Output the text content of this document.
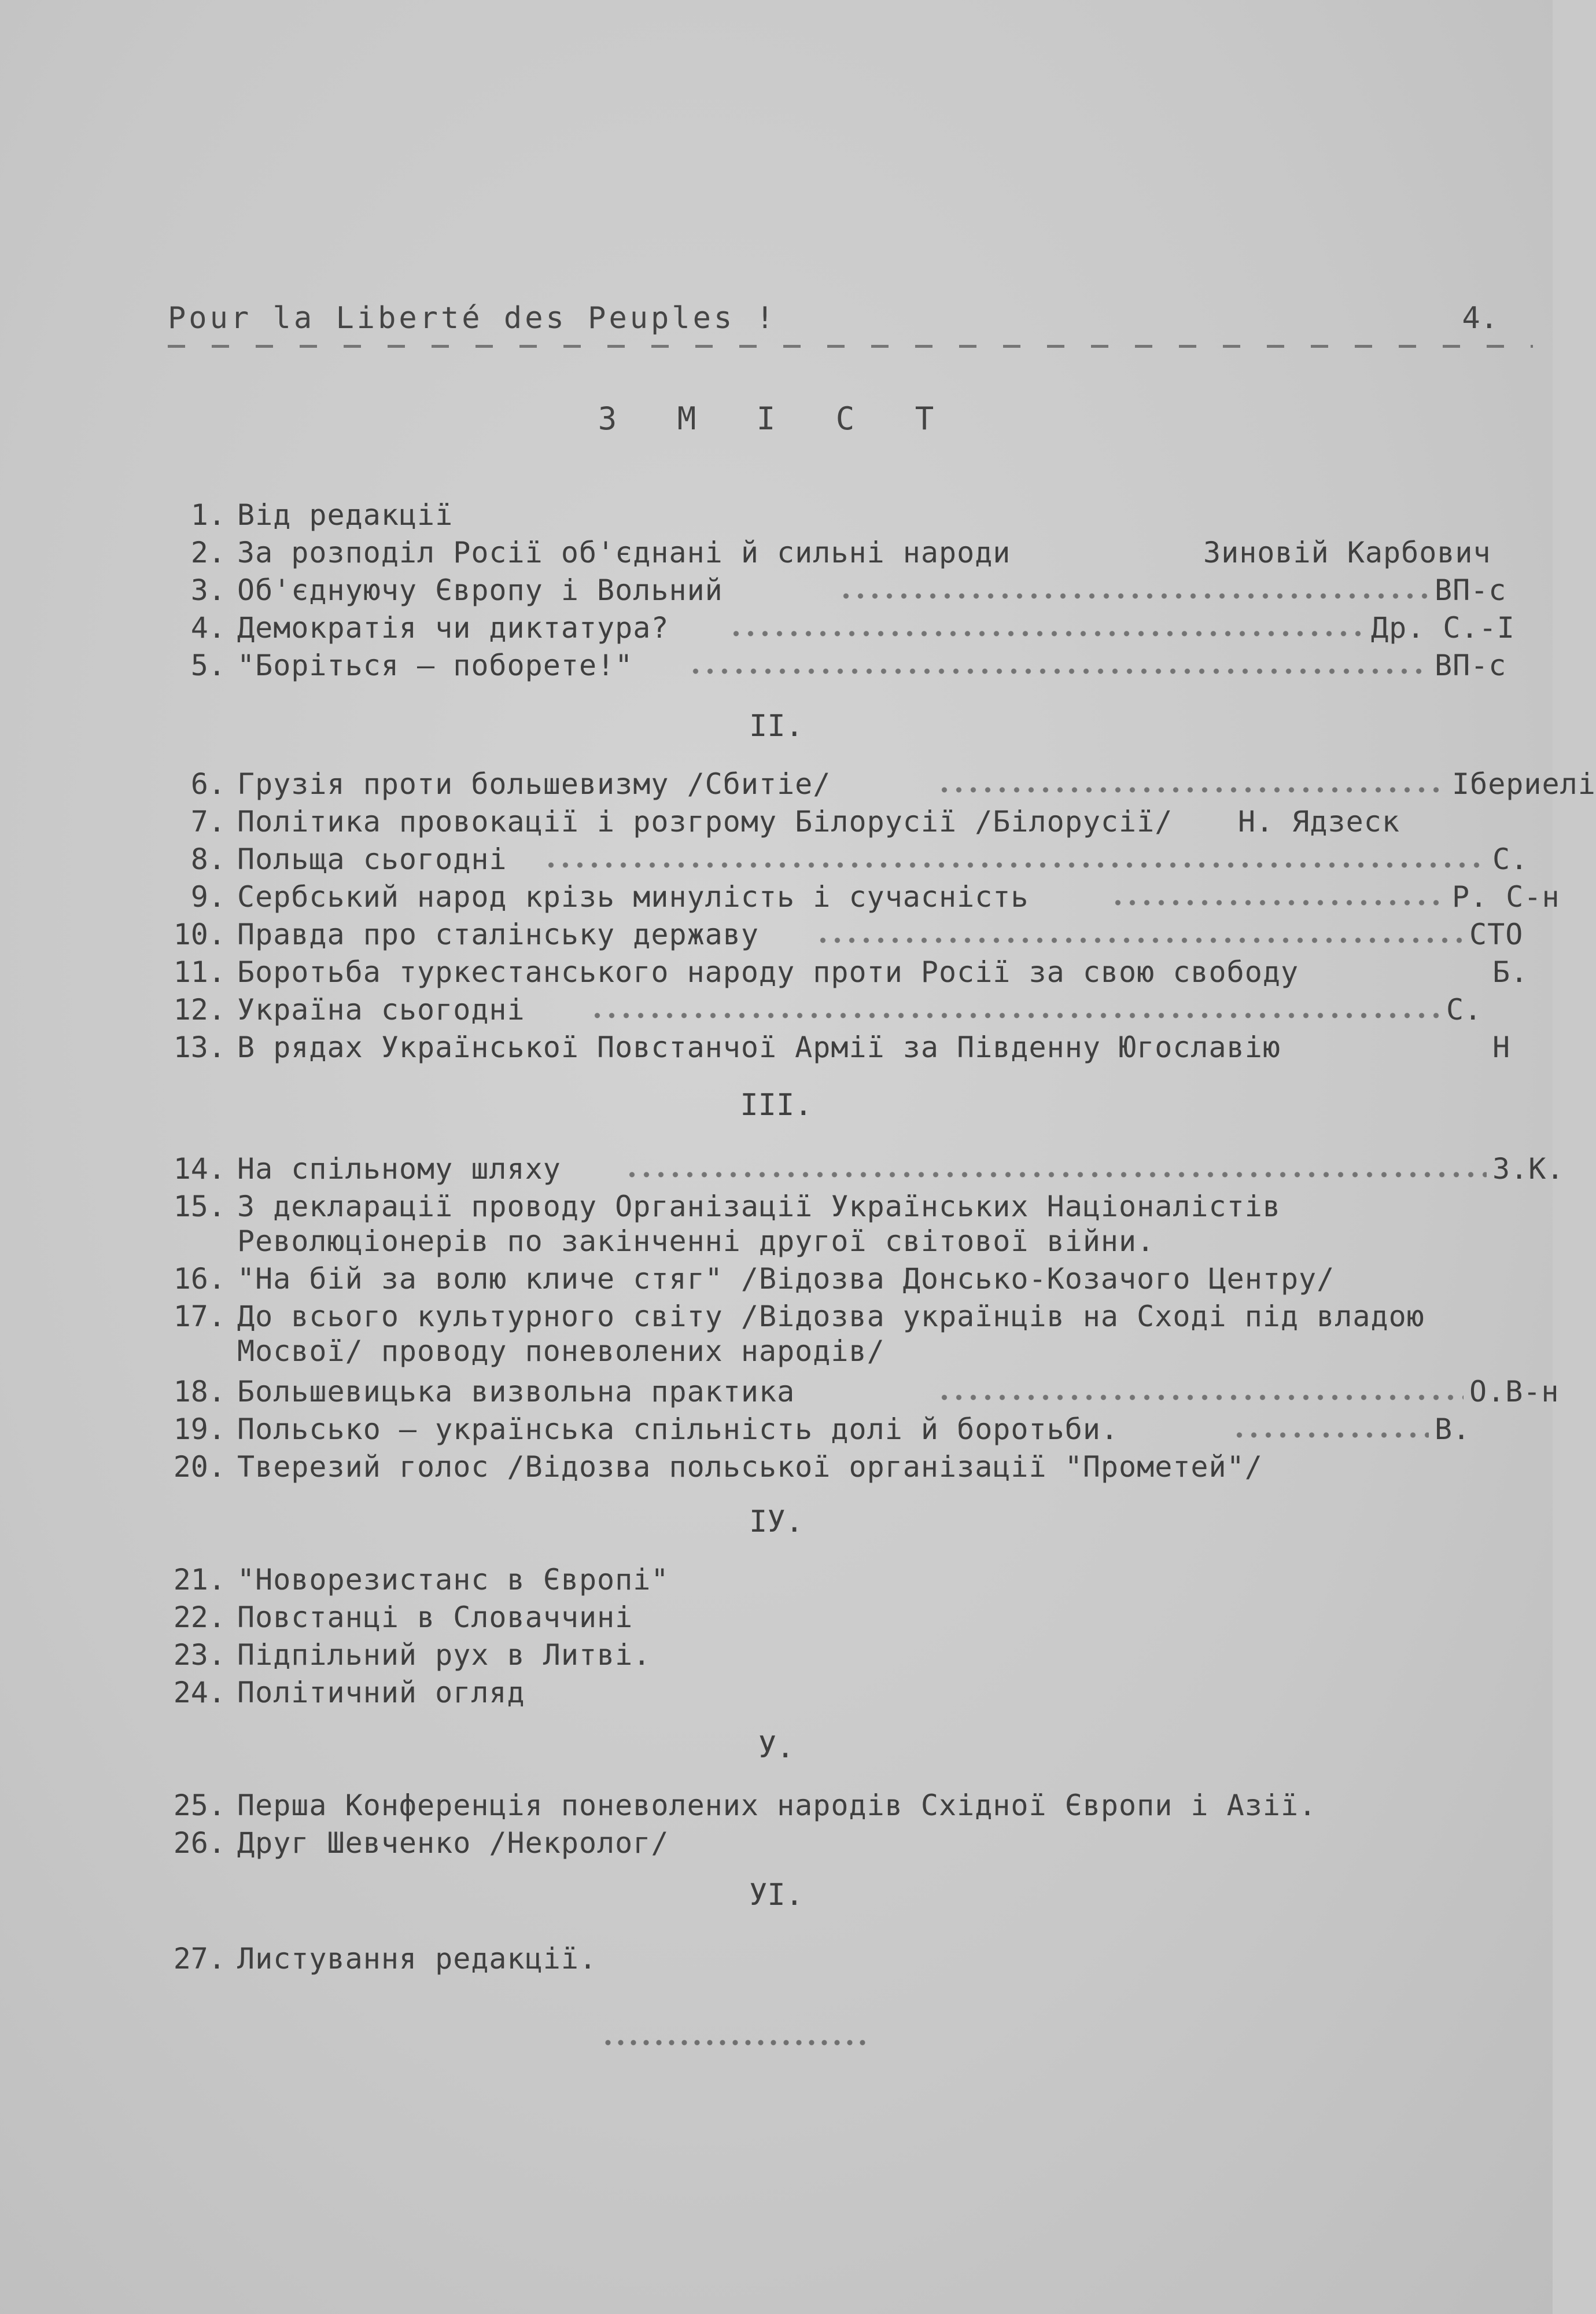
Pour la Liberté des Peuples !	4.
З М І С Т
1. Від редакції
2. За розподіл Росії об'єднані й сильні народи	Зиновій Карбович
3. Об'єднуючу Європу і Вольний	ВП-с
4. Демократія чи диктатура?	Др. С.-І
5. "Боріться – поборете!"	ВП-с
II.
6. Грузія проти большевизму /Сбитіе/	Ібериелі
7. Політика провокації і розгрому Білорусії /Білорусії/ Н. Ядзеск
8. Польща сьогодні	С.
9. Сербський народ крізь минулість і сучасність	Р. С-н
10. Правда про сталінську державу	СТО
11. Боротьба туркестанського народу проти Росії за свою свободу	Б.
12. Україна сьогодні	С.
13. В рядах Української Повстанчої Армії за Південну Югославію	Н
III.
14. На спільному шляху	З.К.
15. З декларації проводу Організації Українських Націоналістів Революціонерів по закінченні другої світової війни.
16. "На бій за волю кличе стяг" /Відозва Донсько-Козачого Центру/
17. До всього культурного світу /Відозва українців на Сході під владою Мосвої/ проводу поневолених народів/
18. Большевицька визвольна практика	О.В-н
19. Польсько – українська спільність долі й боротьби.	В.
20. Тверезий голос /Відозва польської організації "Прометей"/
IУ.
21. "Новорезистанс в Європі"
22. Повстанці в Словаччині
23. Підпільний рух в Литві.
24. Політичний огляд
У.
25. Перша Конференція поневолених народів Східної Європи і Азії.
26. Друг Шевченко /Некролог/
УІ.
27. Листування редакції.
